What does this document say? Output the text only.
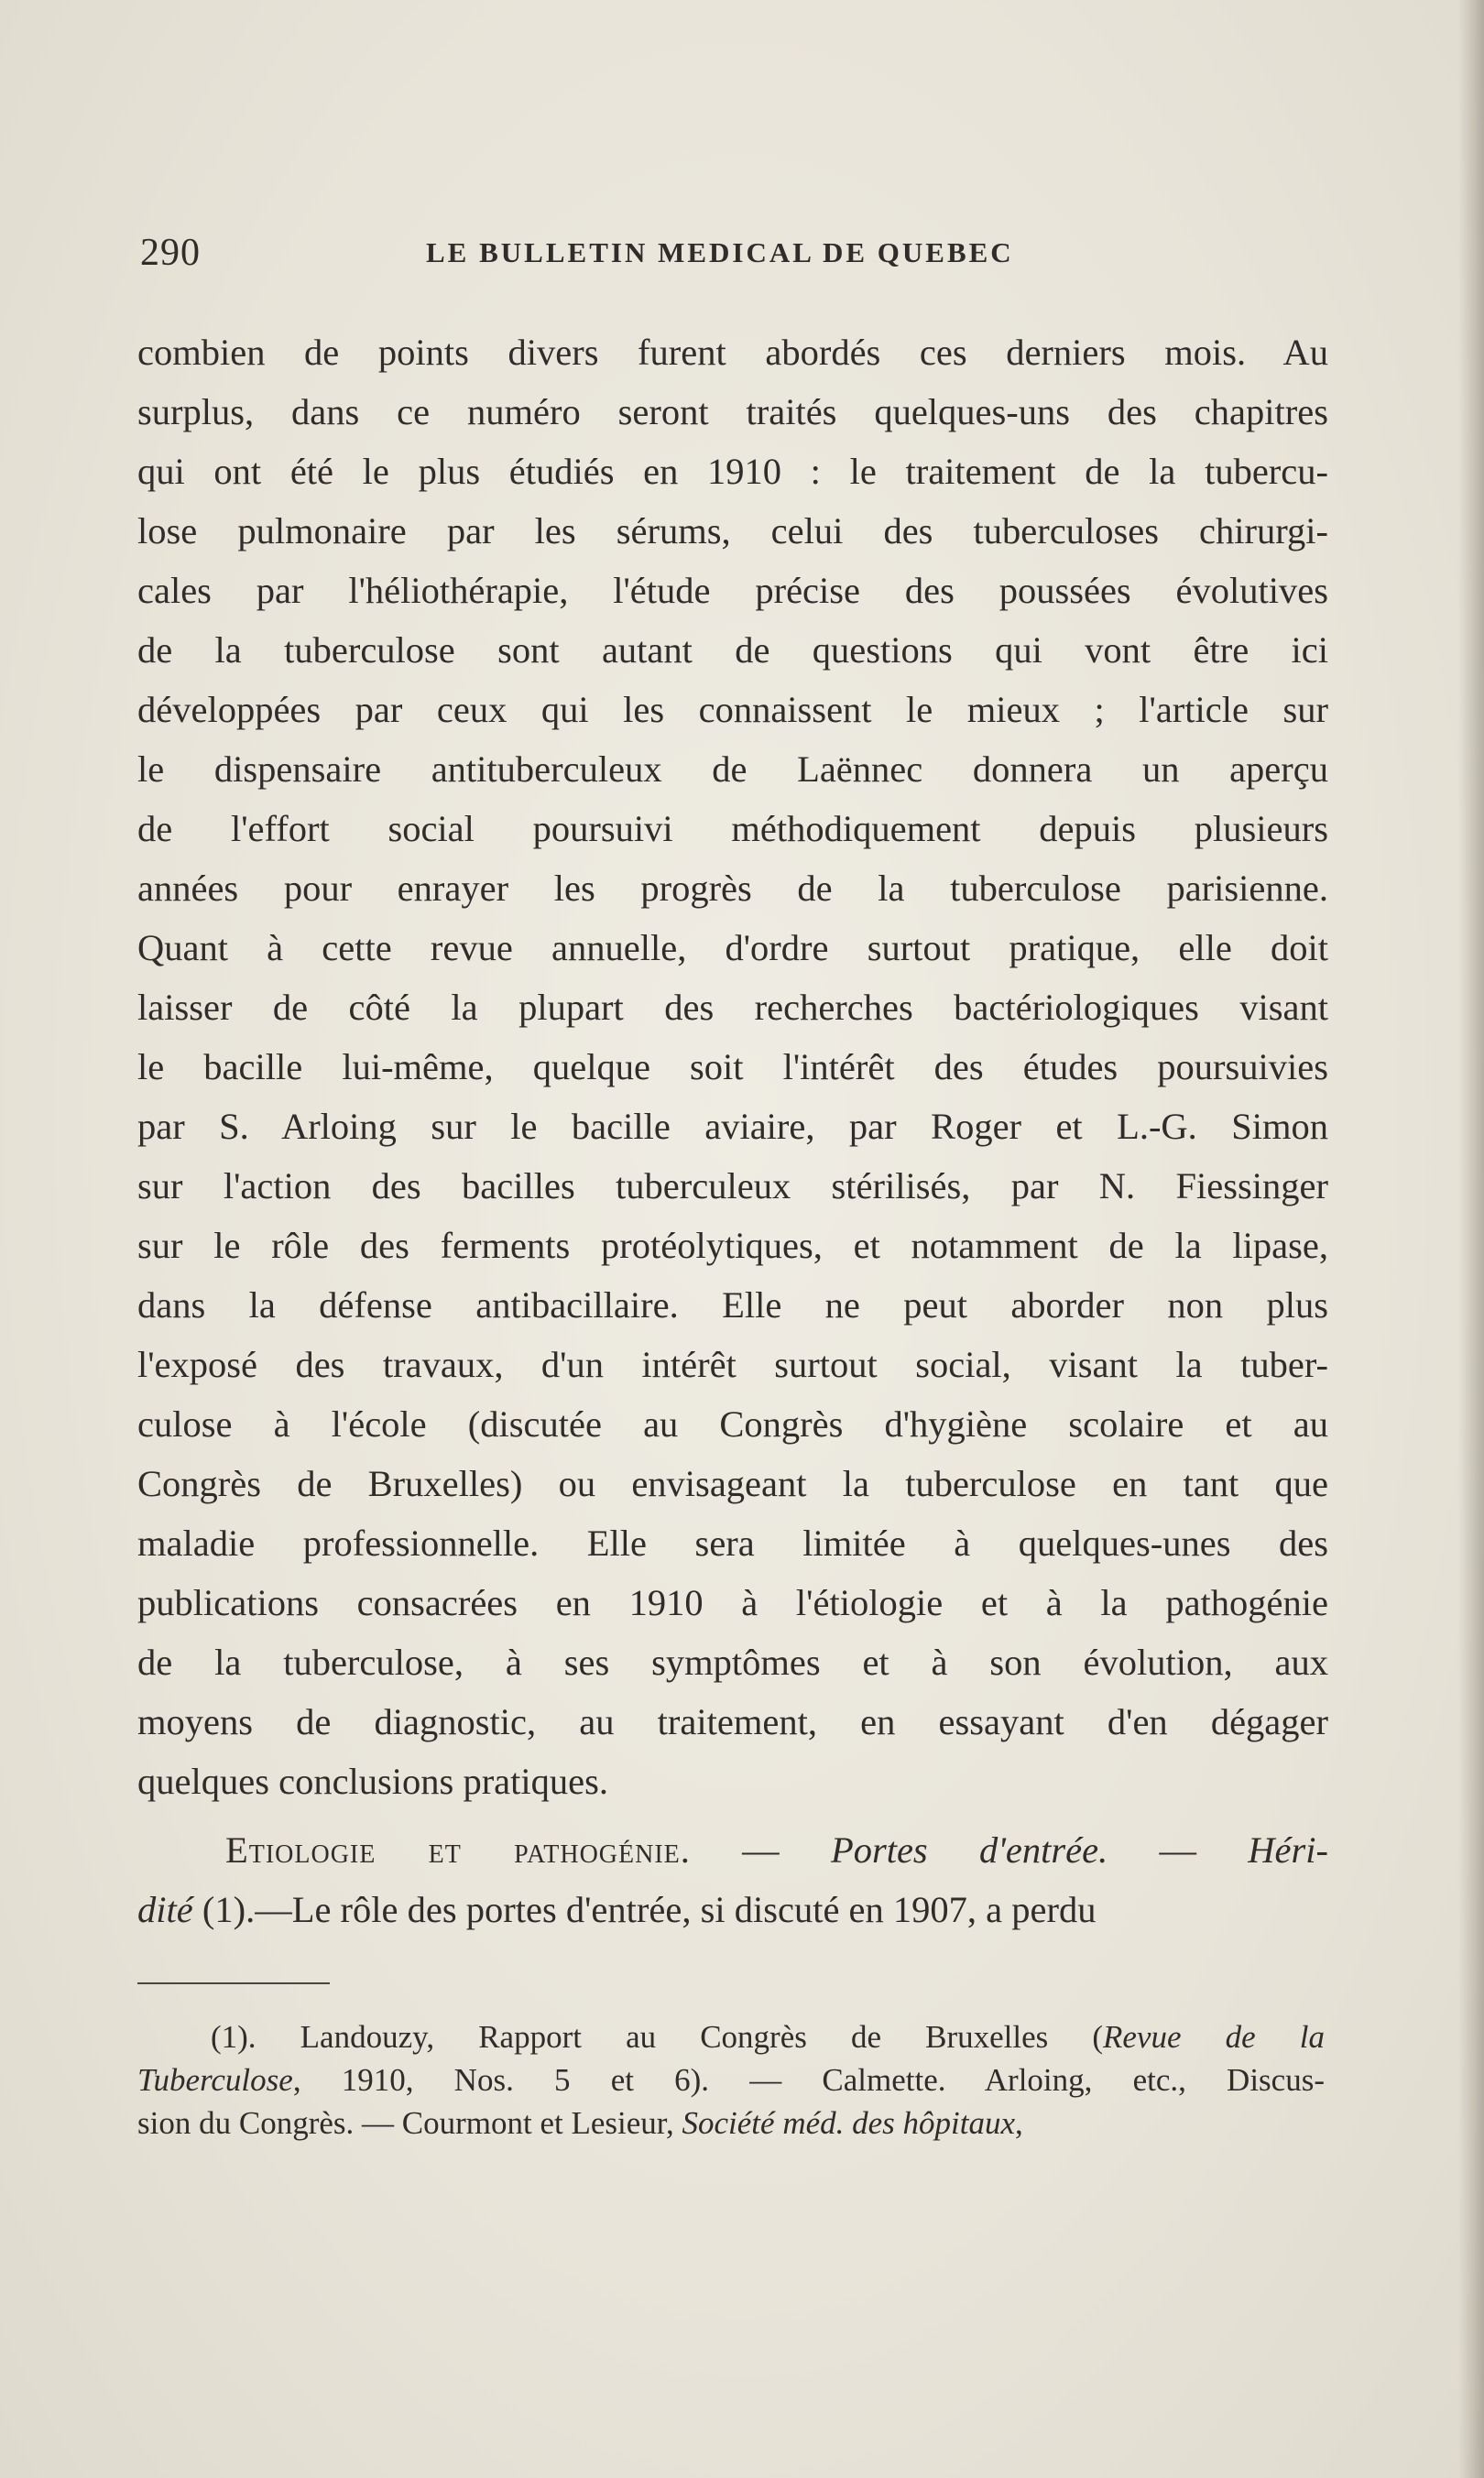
290	LE BULLETIN MEDICAL DE QUEBEC
combien de points divers furent abordés ces derniers mois. Au
surplus, dans ce numéro seront traités quelques-uns des chapitres
qui ont été le plus étudiés en 1910 : le traitement de la tubercu-
lose pulmonaire par les sérums, celui des tuberculoses chirurgi-
cales par l'héliothérapie, l'étude précise des poussées évolutives
de la tuberculose sont autant de questions qui vont être ici
développées par ceux qui les connaissent le mieux ; l'article sur
le dispensaire antituberculeux de Laënnec donnera un aperçu
de l'effort social poursuivi méthodiquement depuis plusieurs
années pour enrayer les progrès de la tuberculose parisienne.
Quant à cette revue annuelle, d'ordre surtout pratique, elle doit
laisser de côté la plupart des recherches bactériologiques visant
le bacille lui-même, quelque soit l'intérêt des études poursuivies
par S. Arloing sur le bacille aviaire, par Roger et L.-G. Simon
sur l'action des bacilles tuberculeux stérilisés, par N. Fiessinger
sur le rôle des ferments protéolytiques, et notamment de la lipase,
dans la défense antibacillaire. Elle ne peut aborder non plus
l'exposé des travaux, d'un intérêt surtout social, visant la tuber-
culose à l'école (discutée au Congrès d'hygiène scolaire et au
Congrès de Bruxelles) ou envisageant la tuberculose en tant que
maladie professionnelle. Elle sera limitée à quelques-unes des
publications consacrées en 1910 à l'étiologie et à la pathogénie
de la tuberculose, à ses symptômes et à son évolution, aux
moyens de diagnostic, au traitement, en essayant d'en dégager
quelques conclusions pratiques.
Etiologie et pathogénie. — Portes d'entrée. — Héri-
dité (1).—Le rôle des portes d'entrée, si discuté en 1907, a perdu
(1). Landouzy, Rapport au Congrès de Bruxelles (Revue de la
Tuberculose, 1910, Nos. 5 et 6). — Calmette. Arloing, etc., Discus-
sion du Congrès. — Courmont et Lesieur, Société méd. des hôpitaux,
